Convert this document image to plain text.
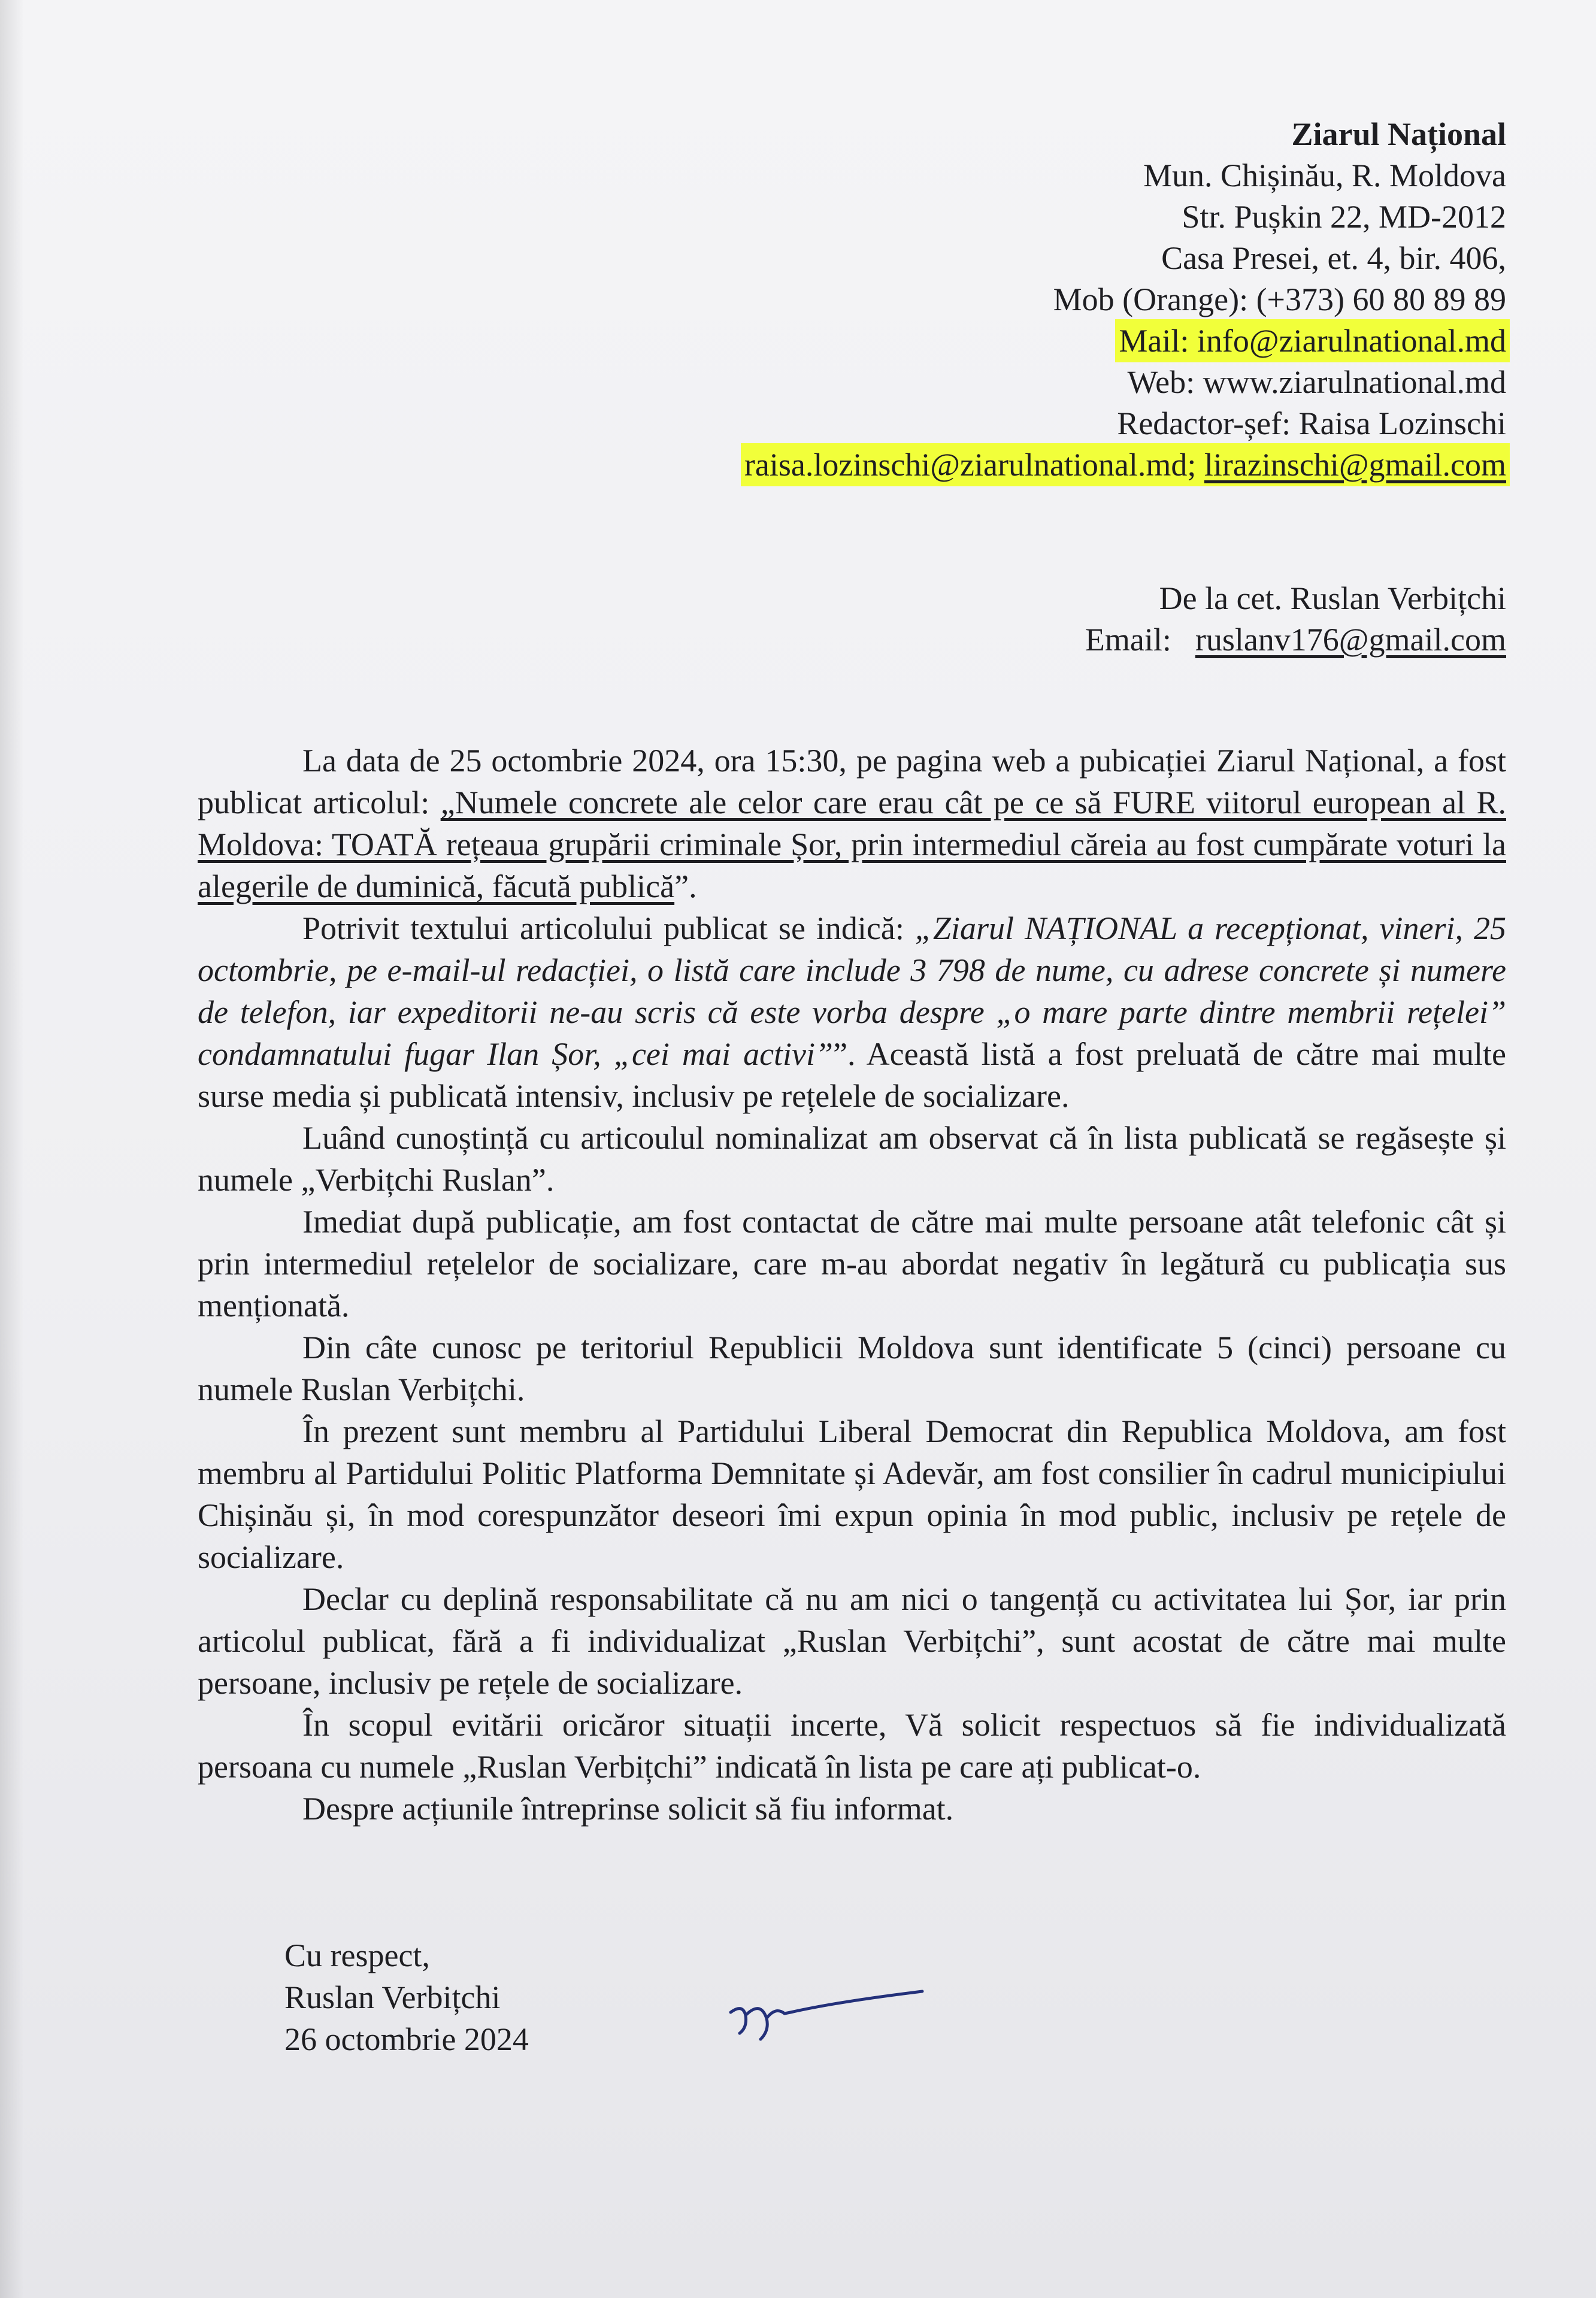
Ziarul Național
Mun. Chișinău, R. Moldova
Str. Pușkin 22, MD-2012
Casa Presei, et. 4, bir. 406,
Mob (Orange): (+373) 60 80 89 89
Mail: info@ziarulnational.md
Web: www.ziarulnational.md
Redactor-șef: Raisa Lozinschi
raisa.lozinschi@ziarulnational.md; lirazinschi@gmail.com
De la cet. Ruslan Verbițchi
Email: ruslanv176@gmail.com

La data de 25 octombrie 2024, ora 15:30, pe pagina web a pubicației Ziarul Național, a fost publicat articolul: „Numele concrete ale celor care erau cât pe ce să FURE viitorul european al R. Moldova: TOATĂ rețeaua grupării criminale Șor, prin intermediul căreia au fost cumpărate voturi la alegerile de duminică, făcută publică”.

Potrivit textului articolului publicat se indică: „Ziarul NAȚIONAL a recepționat, vineri, 25 octombrie, pe e-mail-ul redacției, o listă care include 3 798 de nume, cu adrese concrete și numere de telefon, iar expeditorii ne-au scris că este vorba despre „o mare parte dintre membrii rețelei” condamnatului fugar Ilan Șor, „cei mai activi””. Această listă a fost preluată de către mai multe surse media și publicată intensiv, inclusiv pe rețelele de socializare.

Luând cunoștință cu articoulul nominalizat am observat că în lista publicată se regăsește și numele „Verbițchi Ruslan”.

Imediat după publicație, am fost contactat de către mai multe persoane atât telefonic cât și prin intermediul rețelelor de socializare, care m-au abordat negativ în legătură cu publicația sus menționată.

Din câte cunosc pe teritoriul Republicii Moldova sunt identificate 5 (cinci) persoane cu numele Ruslan Verbițchi.

În prezent sunt membru al Partidului Liberal Democrat din Republica Moldova, am fost membru al Partidului Politic Platforma Demnitate și Adevăr, am fost consilier în cadrul municipiului Chișinău și, în mod corespunzător deseori îmi expun opinia în mod public, inclusiv pe rețele de socializare.

Declar cu deplină responsabilitate că nu am nici o tangență cu activitatea lui Șor, iar prin articolul publicat, fără a fi individualizat „Ruslan Verbițchi”, sunt acostat de către mai multe persoane, inclusiv pe rețele de socializare.

În scopul evitării oricăror situații incerte, Vă solicit respectuos să fie individualizată persoana cu numele „Ruslan Verbițchi” indicată în lista pe care ați publicat-o.

Despre acțiunile întreprinse solicit să fiu informat.

Cu respect,
Ruslan Verbițchi
26 octombrie 2024
